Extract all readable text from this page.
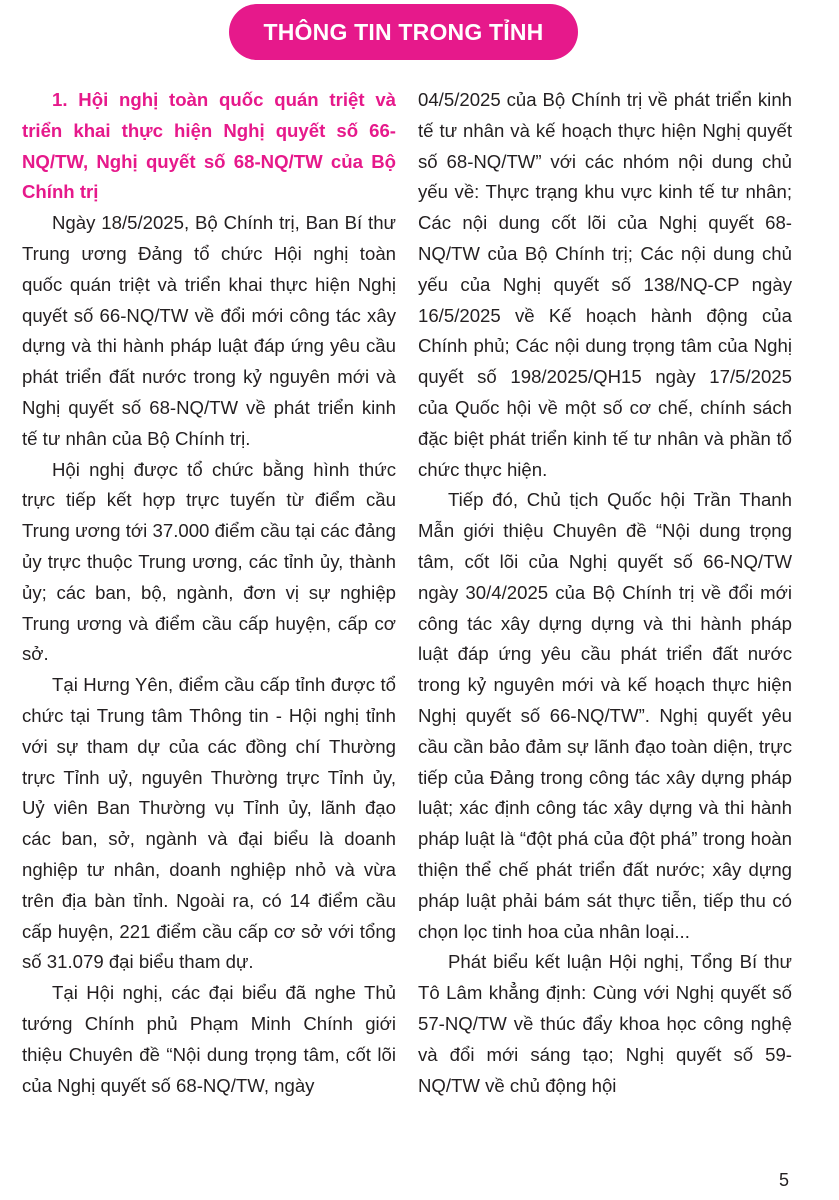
THÔNG TIN TRONG TỈNH

1. Hội nghị toàn quốc quán triệt và triển khai thực hiện Nghị quyết số 66-NQ/TW, Nghị quyết số 68-NQ/TW của Bộ Chính trị

Ngày 18/5/2025, Bộ Chính trị, Ban Bí thư Trung ương Đảng tổ chức Hội nghị toàn quốc quán triệt và triển khai thực hiện Nghị quyết số 66-NQ/TW về đổi mới công tác xây dựng và thi hành pháp luật đáp ứng yêu cầu phát triển đất nước trong kỷ nguyên mới và Nghị quyết số 68-NQ/TW về phát triển kinh tế tư nhân của Bộ Chính trị.

Hội nghị được tổ chức bằng hình thức trực tiếp kết hợp trực tuyến từ điểm cầu Trung ương tới 37.000 điểm cầu tại các đảng ủy trực thuộc Trung ương, các tỉnh ủy, thành ủy; các ban, bộ, ngành, đơn vị sự nghiệp Trung ương và điểm cầu cấp huyện, cấp cơ sở.

Tại Hưng Yên, điểm cầu cấp tỉnh được tổ chức tại Trung tâm Thông tin - Hội nghị tỉnh với sự tham dự của các đồng chí Thường trực Tỉnh uỷ, nguyên Thường trực Tỉnh ủy, Uỷ viên Ban Thường vụ Tỉnh ủy, lãnh đạo các ban, sở, ngành và đại biểu là doanh nghiệp tư nhân, doanh nghiệp nhỏ và vừa trên địa bàn tỉnh. Ngoài ra, có 14 điểm cầu cấp huyện, 221 điểm cầu cấp cơ sở với tổng số 31.079 đại biểu tham dự.

Tại Hội nghị, các đại biểu đã nghe Thủ tướng Chính phủ Phạm Minh Chính giới thiệu Chuyên đề “Nội dung trọng tâm, cốt lõi của Nghị quyết số 68-NQ/TW, ngày

04/5/2025 của Bộ Chính trị về phát triển kinh tế tư nhân và kế hoạch thực hiện Nghị quyết số 68-NQ/TW” với các nhóm nội dung chủ yếu về: Thực trạng khu vực kinh tế tư nhân; Các nội dung cốt lõi của Nghị quyết 68-NQ/TW của Bộ Chính trị; Các nội dung chủ yếu của Nghị quyết số 138/NQ-CP ngày 16/5/2025 về Kế hoạch hành động của Chính phủ; Các nội dung trọng tâm của Nghị quyết số 198/2025/QH15 ngày 17/5/2025 của Quốc hội về một số cơ chế, chính sách đặc biệt phát triển kinh tế tư nhân và phần tổ chức thực hiện.

Tiếp đó, Chủ tịch Quốc hội Trần Thanh Mẫn giới thiệu Chuyên đề “Nội dung trọng tâm, cốt lõi của Nghị quyết số 66-NQ/TW ngày 30/4/2025 của Bộ Chính trị về đổi mới công tác xây dựng dựng và thi hành pháp luật đáp ứng yêu cầu phát triển đất nước trong kỷ nguyên mới và kế hoạch thực hiện Nghị quyết số 66-NQ/TW”. Nghị quyết yêu cầu cần bảo đảm sự lãnh đạo toàn diện, trực tiếp của Đảng trong công tác xây dựng pháp luật; xác định công tác xây dựng và thi hành pháp luật là “đột phá của đột phá” trong hoàn thiện thể chế phát triển đất nước; xây dựng pháp luật phải bám sát thực tiễn, tiếp thu có chọn lọc tinh hoa của nhân loại...

Phát biểu kết luận Hội nghị, Tổng Bí thư Tô Lâm khẳng định: Cùng với Nghị quyết số 57-NQ/TW về thúc đẩy khoa học công nghệ và đổi mới sáng tạo; Nghị quyết số 59-NQ/TW về chủ động hội

5
